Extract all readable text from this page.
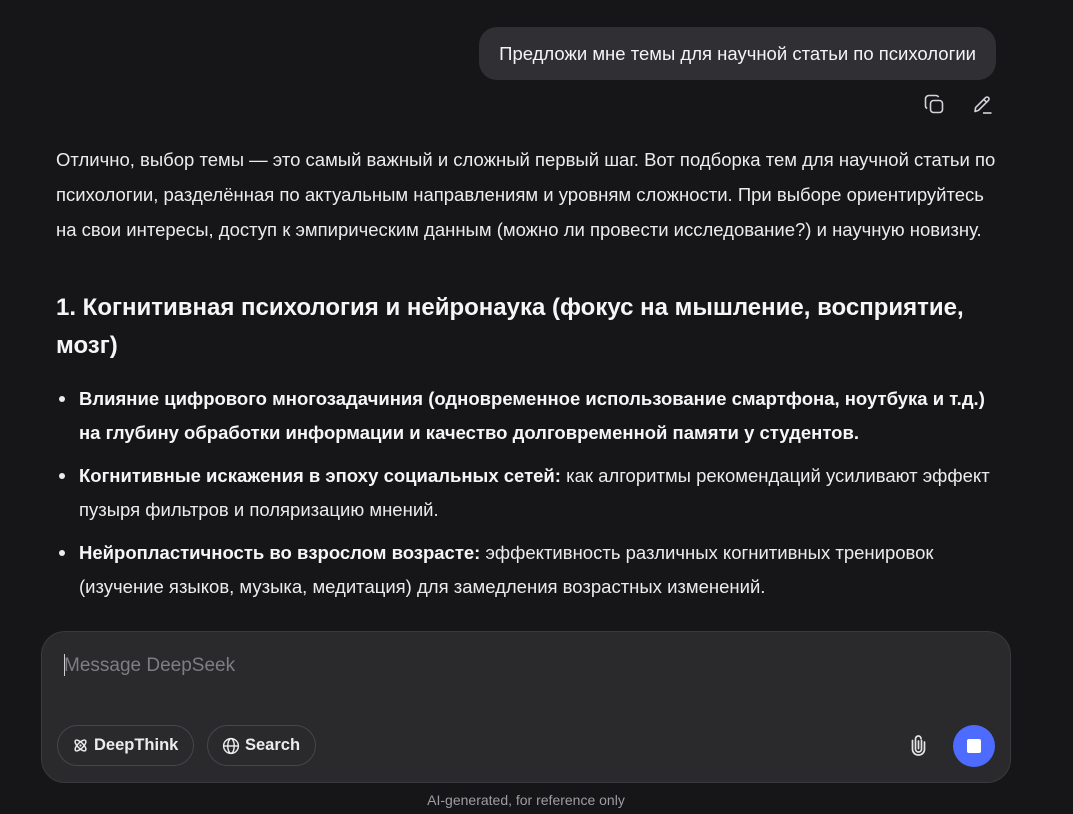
Предложи мне темы для научной статьи по психологии

Отлично, выбор темы — это самый важный и сложный первый шаг. Вот подборка тем для научной статьи по психологии, разделённая по актуальным направлениям и уровням сложности. При выборе ориентируйтесь на свои интересы, доступ к эмпирическим данным (можно ли провести исследование?) и научную новизну.

1. Когнитивная психология и нейронаука (фокус на мышление, восприятие, мозг)
Влияние цифрового многозадачиния (одновременное использование смартфона, ноутбука и т.д.) на глубину обработки информации и качество долговременной памяти у студентов.
Когнитивные искажения в эпоху социальных сетей: как алгоритмы рекомендаций усиливают эффект пузыря фильтров и поляризацию мнений.
Нейропластичность во взрослом возрасте: эффективность различных когнитивных тренировок (изучение языков, музыка, медитация) для замедления возрастных изменений.
Message DeepSeek
DeepThink	Search
AI-generated, for reference only
